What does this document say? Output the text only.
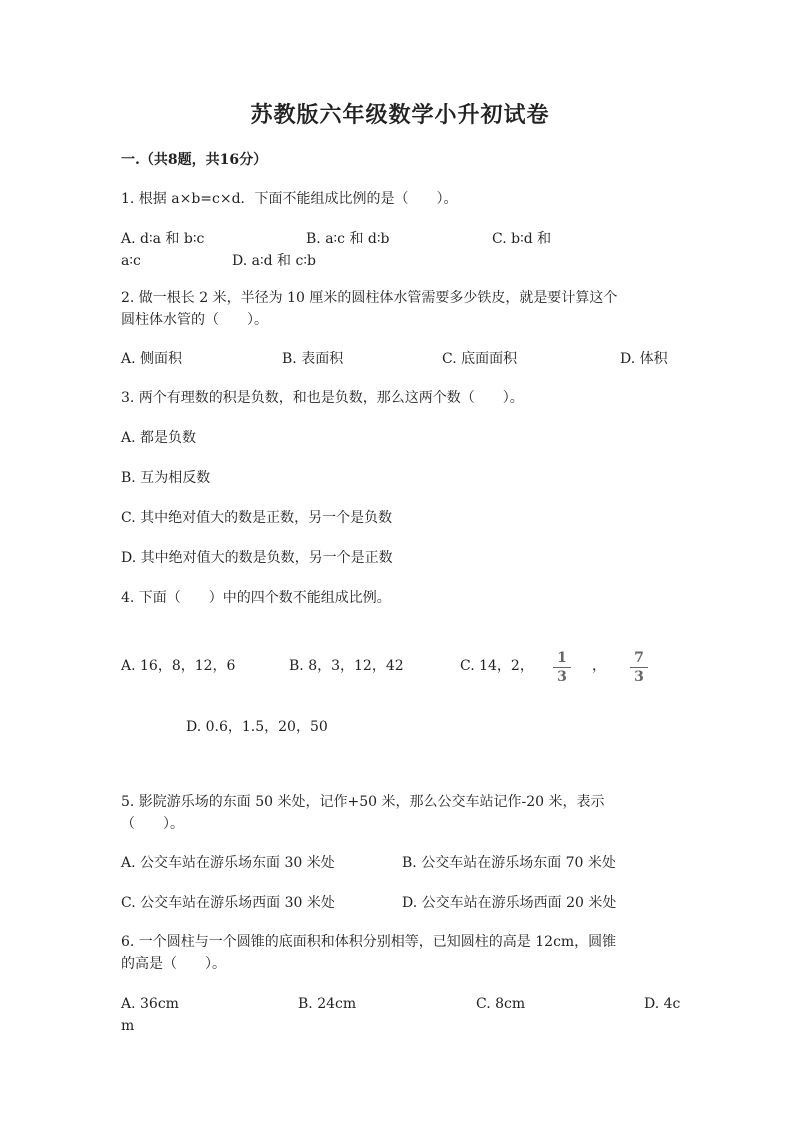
苏教版六年级数学小升初试卷
一.（共8题，共16分）
1. 根据 a×b=c×d．下面不能组成比例的是（　　）。
A. d∶a 和 b∶c	B. a∶c 和 d∶b	C. b∶d 和
a∶c	D. a∶d 和 c∶b
2. 做一根长 2 米，半径为 10 厘米的圆柱体水管需要多少铁皮，就是要计算这个
圆柱体水管的（　　）。
A. 侧面积	B. 表面积	C. 底面面积	D. 体积
3. 两个有理数的积是负数，和也是负数，那么这两个数（　　）。
A. 都是负数
B. 互为相反数
C. 其中绝对值大的数是正数，另一个是负数
D. 其中绝对值大的数是负数，另一个是正数
4. 下面（　　）中的四个数不能组成比例。
A. 16，8，12，6	B. 8，3，12，42	C. 14，2，	1
3
，	7
3
D. 0.6，1.5，20，50
5. 影院游乐场的东面 50 米处，记作+50 米，那么公交车站记作-20 米，表示
（　　）。
A. 公交车站在游乐场东面 30 米处	B. 公交车站在游乐场东面 70 米处
C. 公交车站在游乐场西面 30 米处	D. 公交车站在游乐场西面 20 米处
6. 一个圆柱与一个圆锥的底面积和体积分别相等，已知圆柱的高是 12cm，圆锥
的高是（　　）。
A. 36cm	B. 24cm	C. 8cm	D. 4c
m
